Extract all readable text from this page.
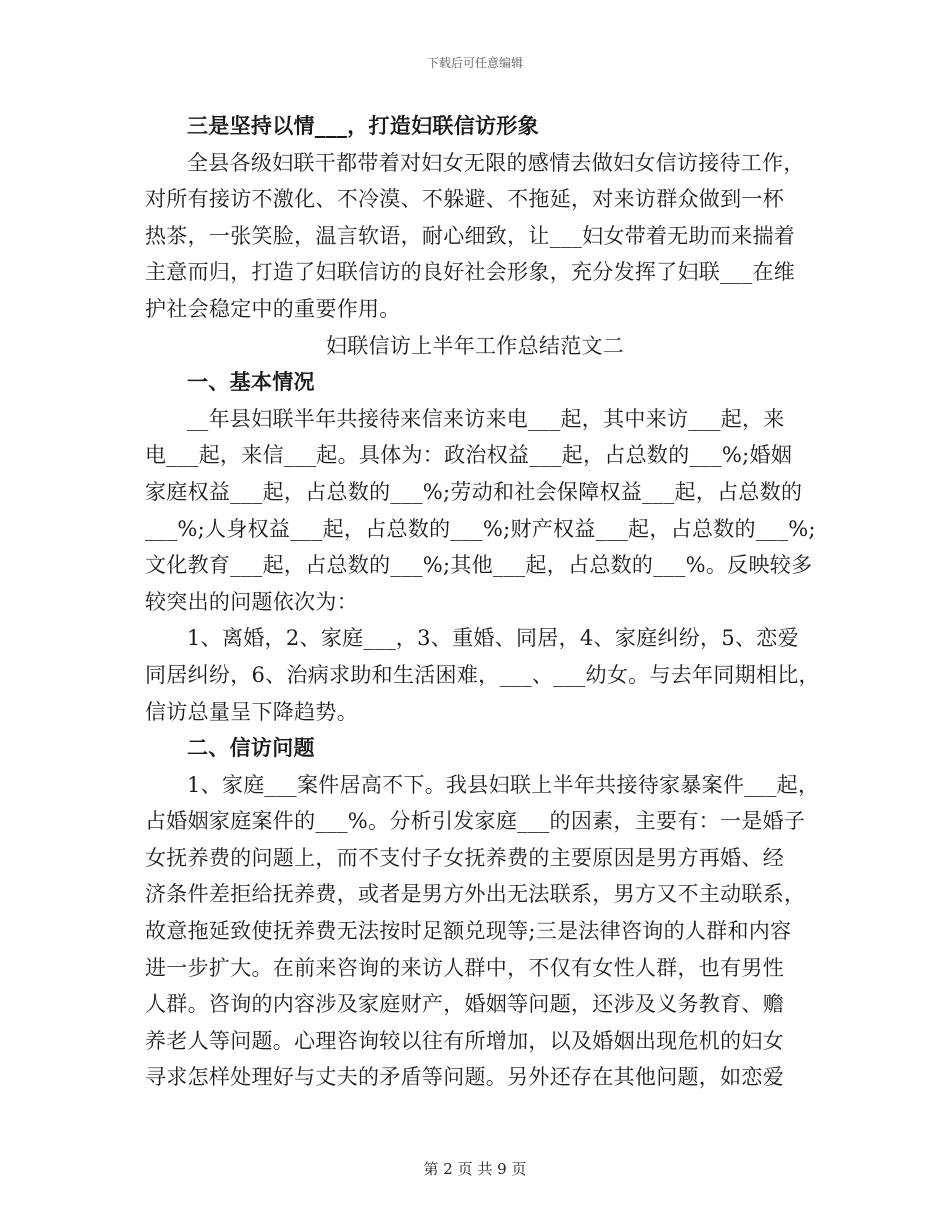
下载后可任意编辑
三是坚持以情___，打造妇联信访形象
全县各级妇联干都带着对妇女无限的感情去做妇女信访接待工作，
对所有接访不激化、不冷漠、不躲避、不拖延，对来访群众做到一杯
热茶，一张笑脸，温言软语，耐心细致，让___妇女带着无助而来揣着
主意而归，打造了妇联信访的良好社会形象，充分发挥了妇联___在维
护社会稳定中的重要作用。
妇联信访上半年工作总结范文二
一、基本情况
__年县妇联半年共接待来信来访来电___起，其中来访___起，来
电___起，来信___起。具体为：政治权益___起，占总数的___%;婚姻
家庭权益___起，占总数的___%;劳动和社会保障权益___起，占总数的
___%;人身权益___起，占总数的___%;财产权益___起，占总数的___%;
文化教育___起，占总数的___%;其他___起，占总数的___%。反映较多
较突出的问题依次为：
1、离婚，2、家庭___，3、重婚、同居，4、家庭纠纷，5、恋爱
同居纠纷，6、治病求助和生活困难，___、___幼女。与去年同期相比，
信访总量呈下降趋势。
二、信访问题
1、家庭___案件居高不下。我县妇联上半年共接待家暴案件___起，
占婚姻家庭案件的___%。分析引发家庭___的因素，主要有：一是婚子
女抚养费的问题上，而不支付子女抚养费的主要原因是男方再婚、经
济条件差拒给抚养费，或者是男方外出无法联系，男方又不主动联系，
故意拖延致使抚养费无法按时足额兑现等;三是法律咨询的人群和内容
进一步扩大。在前来咨询的来访人群中，不仅有女性人群，也有男性
人群。咨询的内容涉及家庭财产，婚姻等问题，还涉及义务教育、赡
养老人等问题。心理咨询较以往有所增加，以及婚姻出现危机的妇女
寻求怎样处理好与丈夫的矛盾等问题。另外还存在其他问题，如恋爱
第 2 页 共 9 页
